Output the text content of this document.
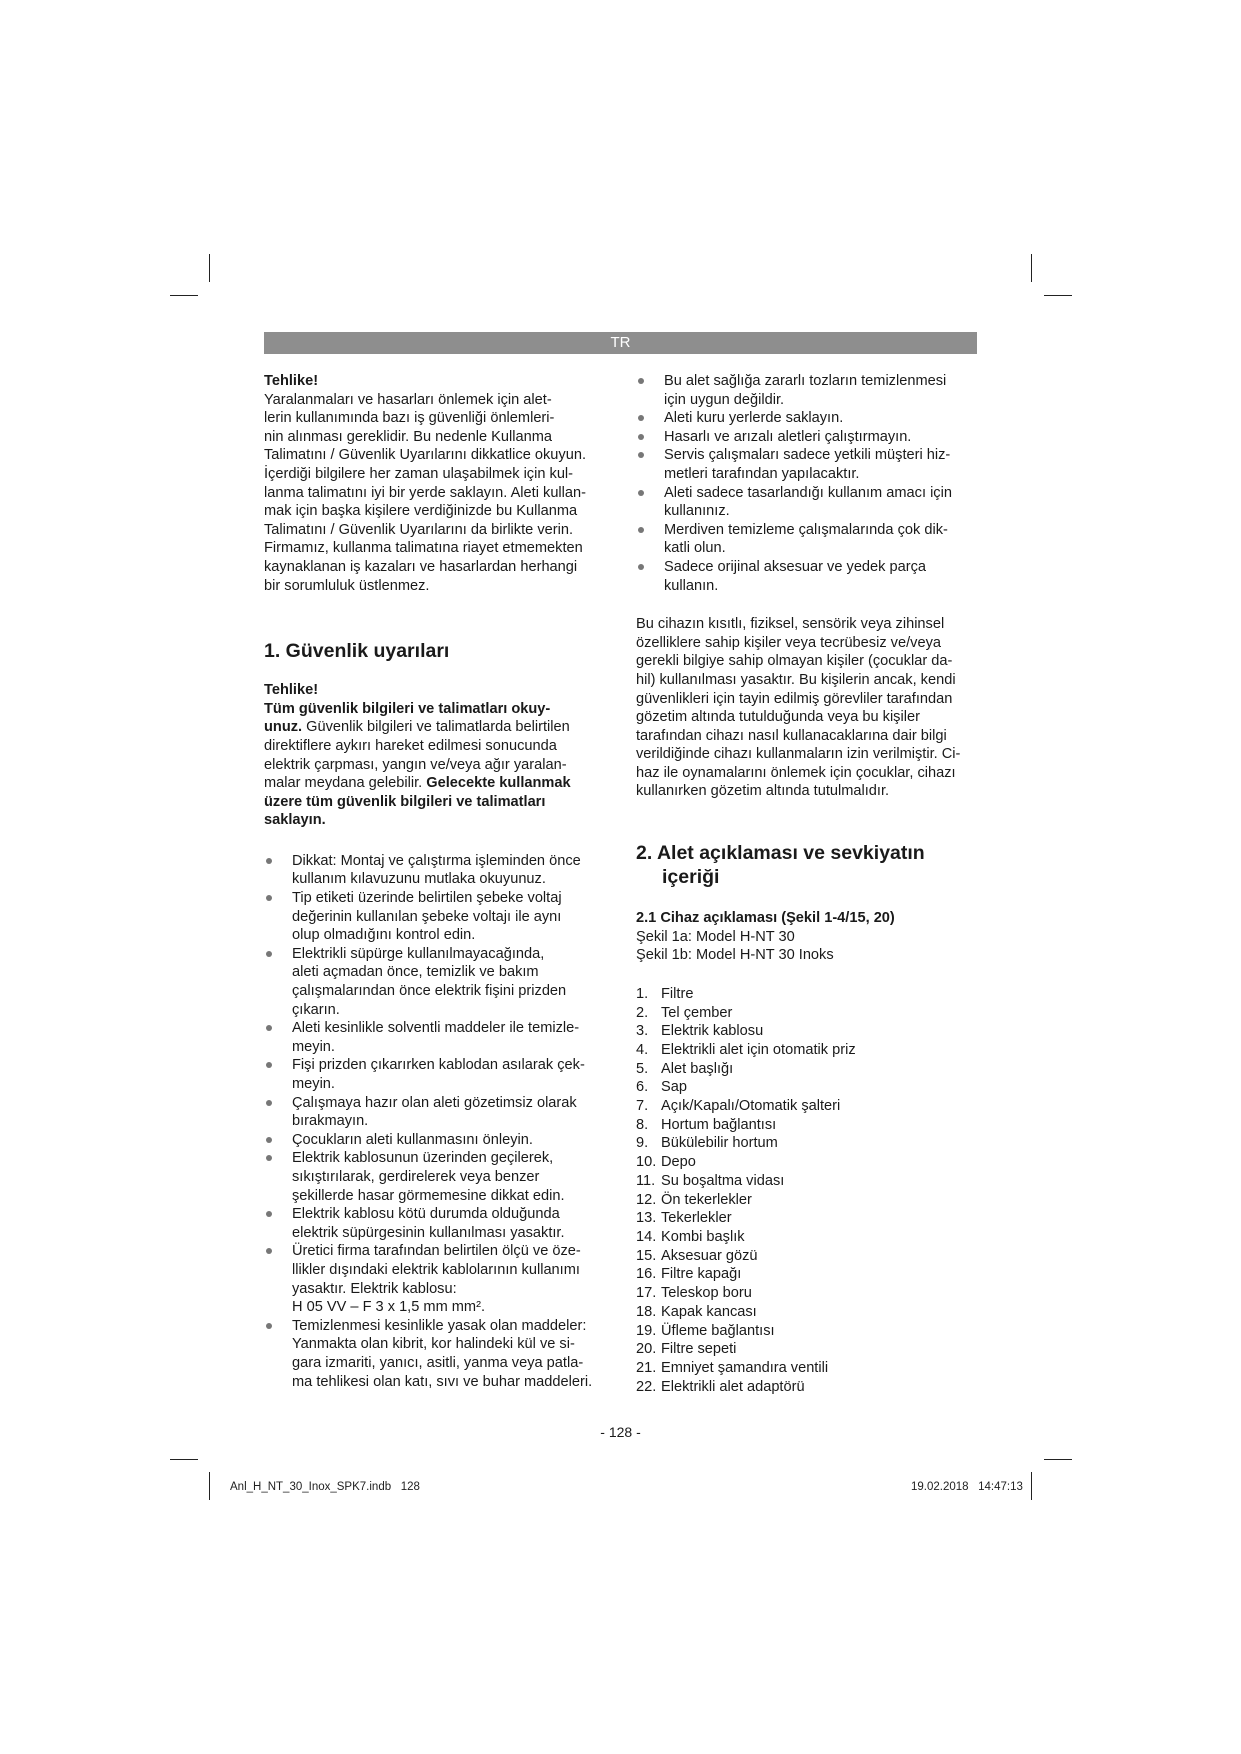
TR

Tehlike!

Yaralanmaları ve hasarları önlemek için alet-
lerin kullanımında bazı iş güvenliği önlemleri-
nin alınması gereklidir. Bu nedenle Kullanma
Talimatını / Güvenlik Uyarılarını dikkatlice okuyun.
İçerdiği bilgilere her zaman ulaşabilmek için kul-
lanma talimatını iyi bir yerde saklayın. Aleti kullan-
mak için başka kişilere verdiğinizde bu Kullanma
Talimatını / Güvenlik Uyarılarını da birlikte verin.
Firmamız, kullanma talimatına riayet etmemekten
kaynaklanan iş kazaları ve hasarlardan herhangi
bir sorumluluk üstlenmez.

1. Güvenlik uyarıları

Tehlike!

Tüm güvenlik bilgileri ve talimatları okuy-
unuz. Güvenlik bilgileri ve talimatlarda belirtilen
direktiflere aykırı hareket edilmesi sonucunda
elektrik çarpması, yangın ve/veya ağır yaralan-
malar meydana gelebilir. Gelecekte kullanmak
üzere tüm güvenlik bilgileri ve talimatları
saklayın.

Dikkat: Montaj ve çalıştırma işleminden önce
kullanım kılavuzunu mutlaka okuyunuz.
Tip etiketi üzerinde belirtilen şebeke voltaj
değerinin kullanılan şebeke voltajı ile aynı
olup olmadığını kontrol edin.
Elektrikli süpürge kullanılmayacağında,
aleti açmadan önce, temizlik ve bakım
çalışmalarından önce elektrik fişini prizden
çıkarın.
Aleti kesinlikle solventli maddeler ile temizle-
meyin.
Fişi prizden çıkarırken kablodan asılarak çek-
meyin.
Çalışmaya hazır olan aleti gözetimsiz olarak
bırakmayın.
Çocukların aleti kullanmasını önleyin.
Elektrik kablosunun üzerinden geçilerek,
sıkıştırılarak, gerdirelerek veya benzer
şekillerde hasar görmemesine dikkat edin.
Elektrik kablosu kötü durumda olduğunda
elektrik süpürgesinin kullanılması yasaktır.
Üretici firma tarafından belirtilen ölçü ve öze-
llikler dışındaki elektrik kablolarının kullanımı
yasaktır. Elektrik kablosu:
H 05 VV – F 3 x 1,5 mm mm².
Temizlenmesi kesinlikle yasak olan maddeler:
Yanmakta olan kibrit, kor halindeki kül ve si-
gara izmariti, yanıcı, asitli, yanma veya patla-
ma tehlikesi olan katı, sıvı ve buhar maddeleri.
Bu alet sağlığa zararlı tozların temizlenmesi
için uygun değildir.
Aleti kuru yerlerde saklayın.
Hasarlı ve arızalı aletleri çalıştırmayın.
Servis çalışmaları sadece yetkili müşteri hiz-
metleri tarafından yapılacaktır.
Aleti sadece tasarlandığı kullanım amacı için
kullanınız.
Merdiven temizleme çalışmalarında çok dik-
katli olun.
Sadece orijinal aksesuar ve yedek parça
kullanın.

Bu cihazın kısıtlı, fiziksel, sensörik veya zihinsel
özelliklere sahip kişiler veya tecrübesiz ve/veya
gerekli bilgiye sahip olmayan kişiler (çocuklar da-
hil) kullanılması yasaktır. Bu kişilerin ancak, kendi
güvenlikleri için tayin edilmiş görevliler tarafından
gözetim altında tutulduğunda veya bu kişiler
tarafından cihazı nasıl kullanacaklarına dair bilgi
verildiğinde cihazı kullanmaların izin verilmiştir. Ci-
haz ile oynamalarını önlemek için çocuklar, cihazı
kullanırken gözetim altında tutulmalıdır.

2. Alet açıklaması ve sevkiyatın
içeriği

2.1 Cihaz açıklaması (Şekil 1-4/15, 20)

Şekil 1a: Model H-NT 30
Şekil 1b: Model H-NT 30 Inoks

1. Filtre
2. Tel çember
3. Elektrik kablosu
4. Elektrikli alet için otomatik priz
5. Alet başlığı
6. Sap
7. Açık/Kapalı/Otomatik şalteri
8. Hortum bağlantısı
9. Bükülebilir hortum
10. Depo
11. Su boşaltma vidası
12. Ön tekerlekler
13. Tekerlekler
14. Kombi başlık
15. Aksesuar gözü
16. Filtre kapağı
17. Teleskop boru
18. Kapak kancası
19. Üfleme bağlantısı
20. Filtre sepeti
21. Emniyet şamandıra ventili
22. Elektrikli alet adaptörü
- 128 -
Anl_H_NT_30_Inox_SPK7.indb   128	19.02.2018   14:47:13
